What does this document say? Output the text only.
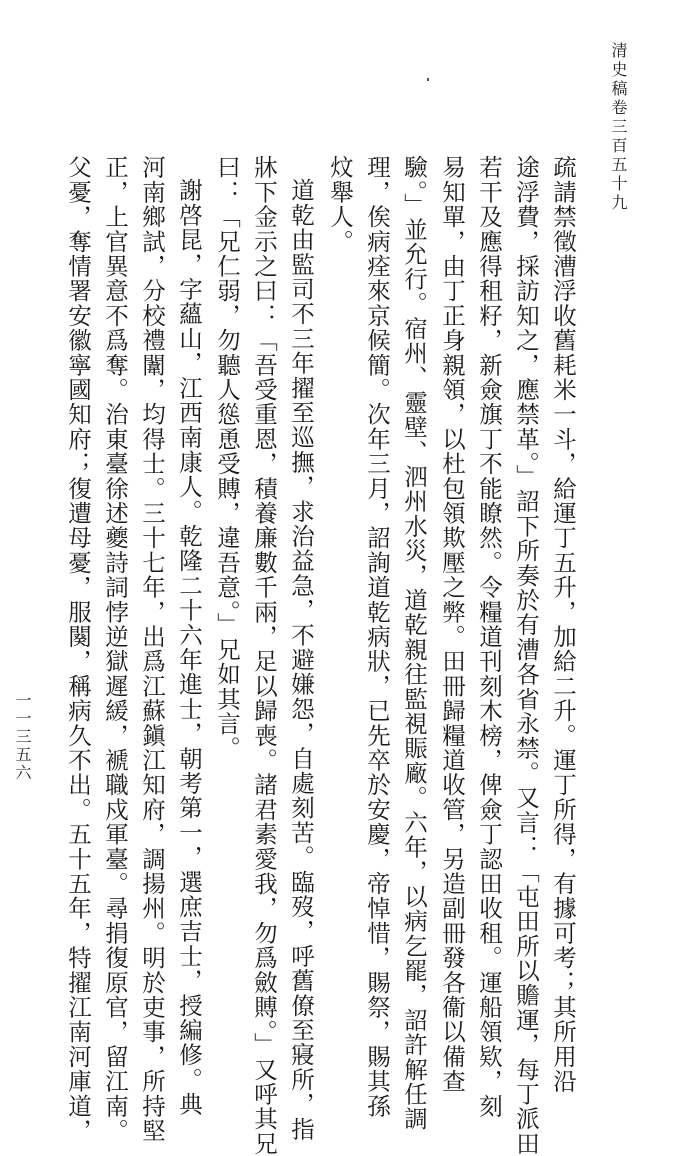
清史稿卷三百五十九
一一三五六	疏請禁徵漕浮收舊耗米一斗，給運丁五升，加給二升。運丁所得，有據可考；其所用沿
途浮費，採訪知之，應禁革。」詔下所奏於有漕各省永禁。又言：「屯田所以贍運，每丁派田
若干及應得租籽，新僉旗丁不能瞭然。令糧道刊刻木榜，俾僉丁認田收租。運船領欵，刻
易知單，由丁正身親領，以杜包領欺壓之弊。田冊歸糧道收管，另造副冊發各衞以備查
驗。」並允行。宿州、靈壁、泗州水災，道乾親往監視賑廠。六年，以病乞罷，詔許解任調
理，俟病痊來京候簡。次年三月，詔詢道乾病狀，已先卒於安慶，帝悼惜，賜祭，賜其孫
炆舉人。
道乾由監司不三年擢至巡撫，求治益急，不避嫌怨，自處刻苦。臨歿，呼舊僚至寢所，指
牀下金示之曰：「吾受重恩，積養廉數千兩，足以歸喪。諸君素愛我，勿爲斂賻。」又呼其兄
曰：「兄仁弱，勿聽人慫恿受賻，違吾意。」兄如其言。
謝啓昆，字蘊山，江西南康人。乾隆二十六年進士，朝考第一，選庶吉士，授編修。典
河南鄉試，分校禮闈，均得士。三十七年，出爲江蘇鎭江知府，調揚州。明於吏事，所持堅
正，上官異意不爲奪。治東臺徐述夔詩詞悖逆獄遲緩，褫職戍軍臺。尋捐復原官，留江南。
父憂，奪情署安徽寧國知府；復遭母憂，服闋，稱病久不出。五十五年，特擢江南河庫道，
